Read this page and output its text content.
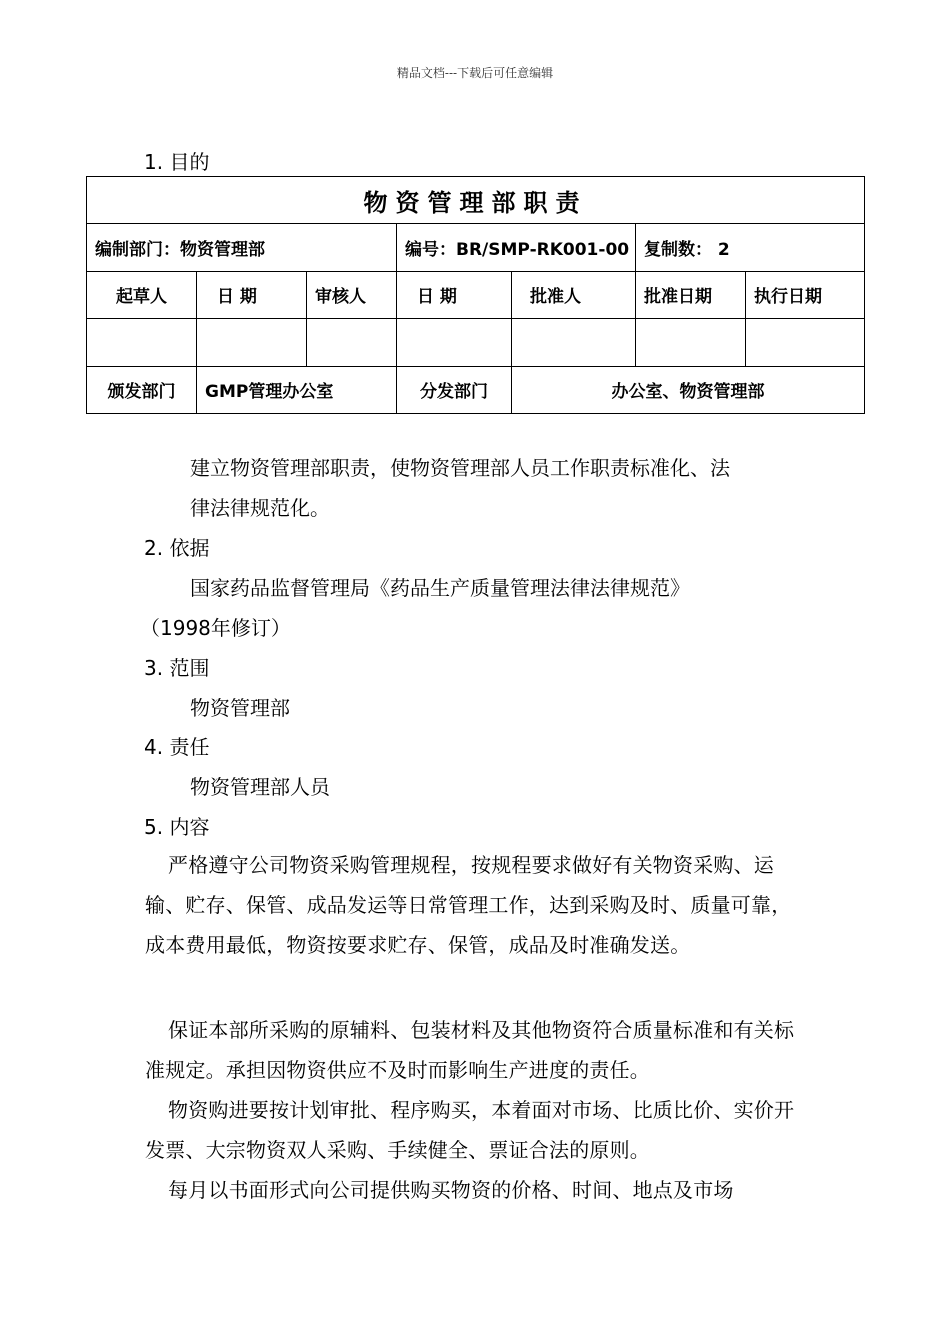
精品文档---下载后可任意编辑
1. 目的
物资管理部职责						
编制部门：物资管理部			编号：BR/SMP-RK001-00		复制数： 2	
起草人	日 期	审核人	日 期	批准人	批准日期	执行日期

颁发部门	GMP管理办公室		分发部门	办公室、物资管理部		
建立物资管理部职责，使物资管理部人员工作职责标准化、法
律法律规范化。
2. 依据
国家药品监督管理局《药品生产质量管理法律法律规范》
（1998年修订）
3. 范围
物资管理部
4. 责任
物资管理部人员
5. 内容
严格遵守公司物资采购管理规程，按规程要求做好有关物资采购、运输、贮存、保管、成品发运等日常管理工作，达到采购及时、质量可靠，成本费用最低，物资按要求贮存、保管，成品及时准确发送。
保证本部所采购的原辅料、包装材料及其他物资符合质量标准和有关标准规定。承担因物资供应不及时而影响生产进度的责任。
物资购进要按计划审批、程序购买，本着面对市场、比质比价、实价开发票、大宗物资双人采购、手续健全、票证合法的原则。
每月以书面形式向公司提供购买物资的价格、时间、地点及市场
